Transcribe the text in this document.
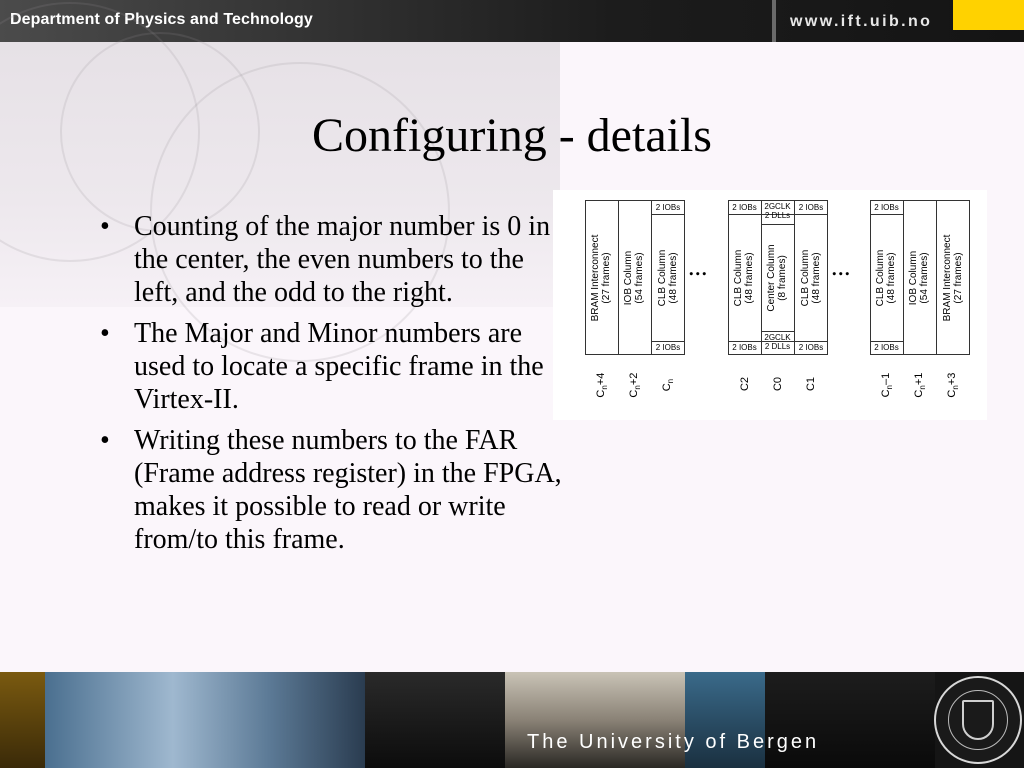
Department of Physics and Technology	www.ift.uib.no
Configuring - details
• Counting of the major number is 0 in the center, the even numbers to the left, and the odd to the right.
• The Major and Minor numbers are used to locate a specific frame in the Virtex-II.
• Writing these numbers to the FAR (Frame address register) in the FPGA, makes it possible to read or write from/to this frame.
BRAM Interconnect (27 frames) IOB Column (54 frames) CLB Column (48 frames)
2 IOBs
2 IOBs
...
2 IOBs 2GCLK
2 DLLs
2 IOBs
CLB Column (48 frames) Center Column (8 frames) CLB Column (48 frames)
2 IOBs
2GCLK
2 DLLs	2 IOBs
...
2 IOBs
CLB Column (48 frames) IOB Column (54 frames) BRAM Interconnect (27 frames)
2 IOBs
$C_n+4$
$C_n+2$
$C_n$	C2 C0 C1
$C_n-1$
$C_n+1$
$C_n+3$
The University of Bergen
